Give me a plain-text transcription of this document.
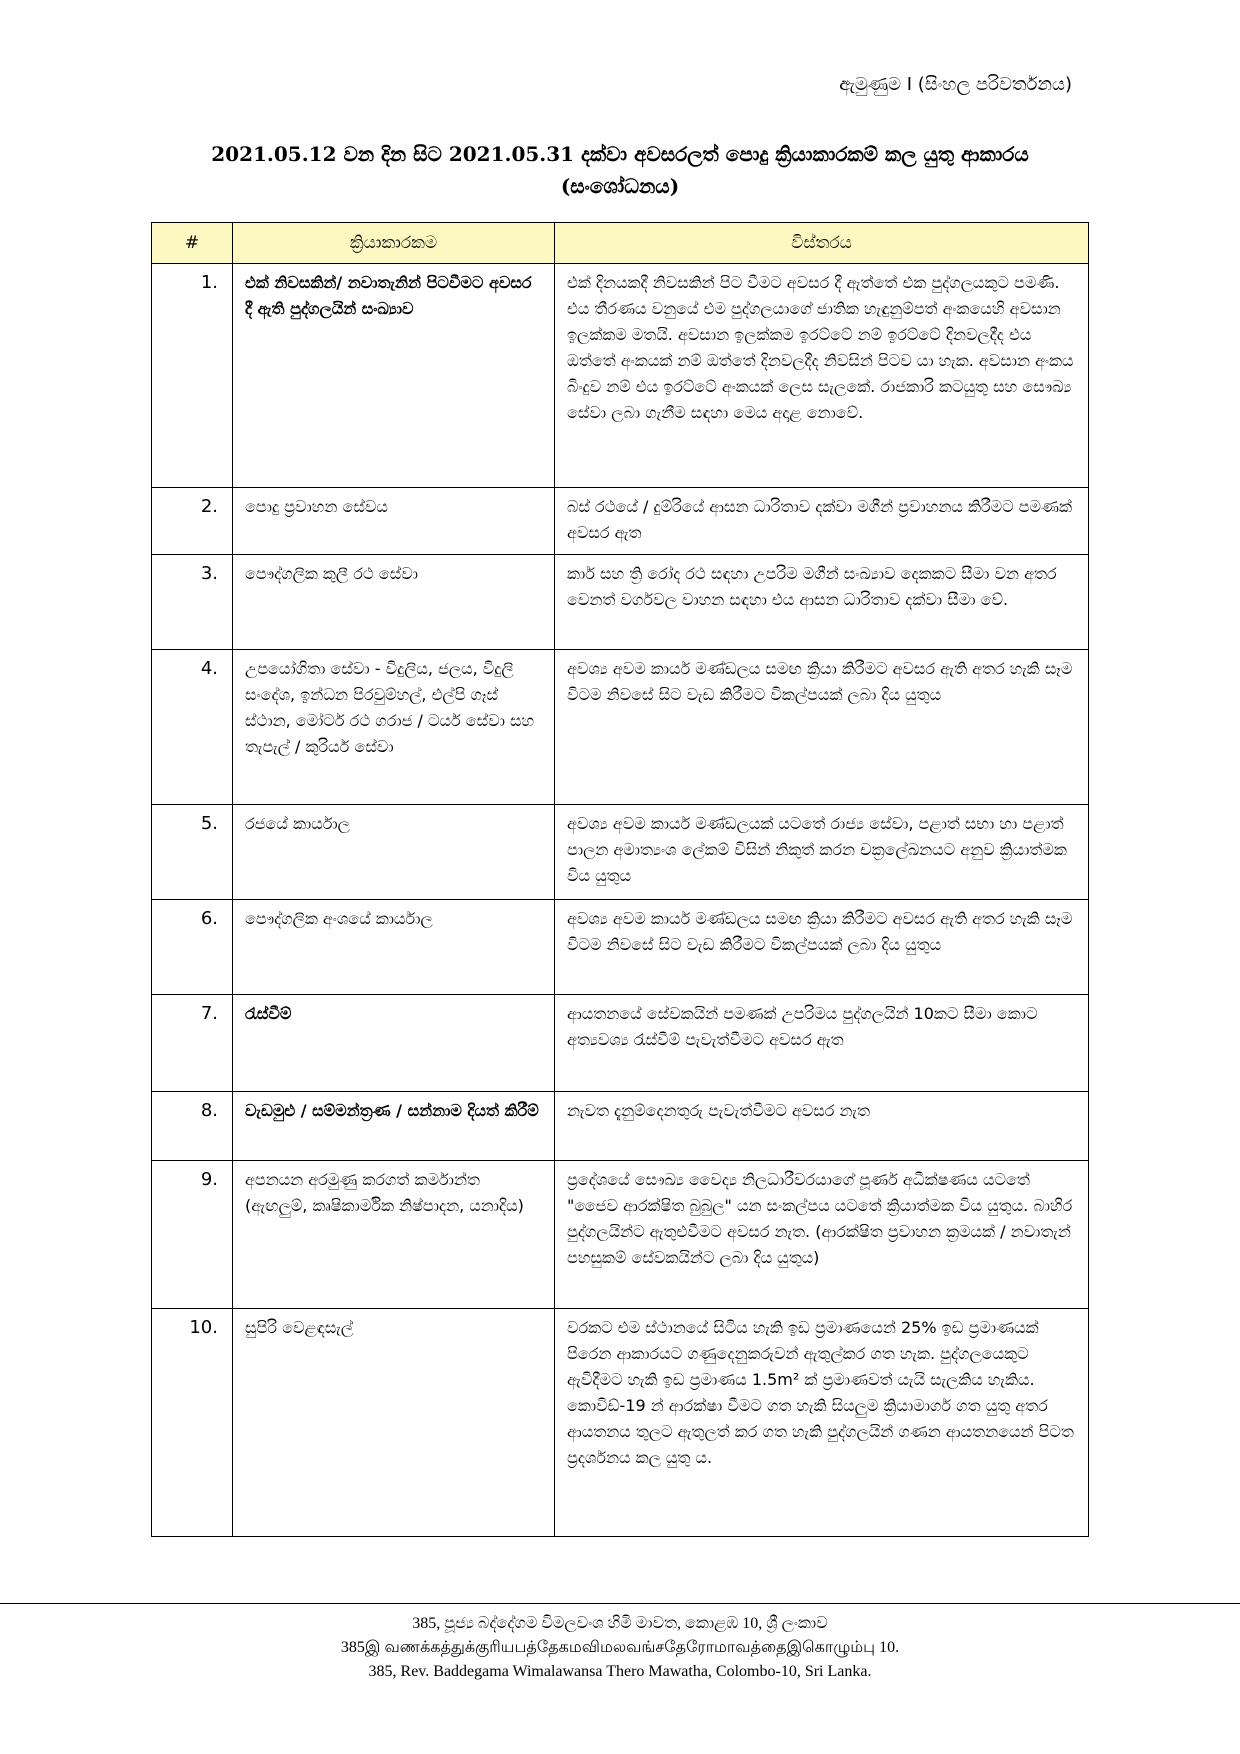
ඇමුණුම I (සිංහල පරිවර්තනය)
2021.05.12 වන දින සිට 2021.05.31 දක්වා අවසරලත් පොදු ක්‍රියාකාරකම් කල යුතු ආකාරය
(සංශෝධනය)
#	ක්‍රියාකාරකම	විස්තරය
1.	එක් නිවසකින්/ නවාතැනින් පිටවීමට අවසර දී ඇති පුද්ගලයින් සංඛ්‍යාව	එක් දිනයකදී නිවසකින් පිට වීමට අවසර දී ඇත්තේ එක පුද්ගලයකුට පමණි. එය තීරණය වනුයේ එම පුද්ගලයාගේ ජාතික හැඳුනුම්පත් අංකයෙහි අවසාන ඉලක්කම මතයි. අවසාන ඉලක්කම ඉරට්ටේ නම් ඉරට්ටේ දිනවලදීද එය ඔත්තේ අංකයක් නම් ඔත්තේ දිනවලදීද නිවසින් පිටව යා හැක. අවසාන අංකය බිංදුව නම් එය ඉරට්ටේ අංකයක් ලෙස සැලකේ. රාජකාරි කටයුතු සහ සෞඛ්‍ය සේවා ලබා ගැනීම සඳහා මෙය අදාළ නොවේ.
2.	පොදු ප්‍රවාහන සේවය	බස් රථයේ / දුම්රියේ ආසන ධාරිතාව දක්වා මගීන් ප්‍රවාහනය කිරීමට පමණක් අවසර ඇත
3.	පෞද්ගලික කුලී රථ සේවා	කාර් සහ ත්‍රි රෝද රථ සඳහා උපරිම මගීන් සංඛ්‍යාව දෙකකට සීමා වන අතර වෙනත් වර්ගවල වාහන සඳහා එය ආසන ධාරිතාව දක්වා සීමා වේ.
4.	උපයෝගිතා සේවා - විදුලිය, ජලය, විදුලි සංදේශ, ඉන්ධන පිරවුම්හල්, එල්පි ගෑස් ස්ථාන, මෝටර් රථ ගරාජ / ටයර් සේවා සහ තැපැල් / කුරියර් සේවා	අවශ්‍ය අවම කාර්ය මණ්ඩලය සමඟ ක්‍රියා කිරීමට අවසර ඇති අතර හැකි සෑම විටම නිවසේ සිට වැඩ කිරීමට විකල්පයක් ලබා දිය යුතුය
5.	රජයේ කාර්යාල	අවශ්‍ය අවම කාර්ය මණ්ඩලයක් යටතේ රාජ්‍ය සේවා, පළාත් සභා හා පළාත් පාලන අමාත්‍යංශ ලේකම් විසින් නිකුත් කරන චක්‍රලේඛනයට අනුව ක්‍රියාත්මක විය යුතුය
6.	පෞද්ගලික අංශයේ කාර්යාල	අවශ්‍ය අවම කාර්ය මණ්ඩලය සමඟ ක්‍රියා කිරීමට අවසර ඇති අතර හැකි සෑම විටම නිවසේ සිට වැඩ කිරීමට විකල්පයක් ලබා දිය යුතුය
7.	රැස්වීම්	ආයතනයේ සේවකයින් පමණක් උපරිමය පුද්ගලයින් 10කට සීමා කොට අත්‍යවශ්‍ය රැස්වීම් පැවැත්වීමට අවසර ඇත
8.	වැඩමුළු / සම්මන්ත්‍රණ / සන්නාම දියත් කිරීම්	නැවත දැනුම්දෙනතුරු පැවැත්වීමට අවසර නැත
9.	අපනයන අරමුණු කරගත් කර්මාන්ත (ඇඟලුම්, කෘෂිකාර්මික නිෂ්පාදන, යනාදිය)	ප්‍රදේශයේ සෞඛ්‍ය වෛද්‍ය නිලධාරීවරයාගේ පූර්ණ අධීක්ෂණය යටතේ "ජෛව ආරක්ෂිත බුබුල" යන සංකල්පය යටතේ ක්‍රියාත්මක විය යුතුය. බාහිර පුද්ගලයින්ට ඇතුළුවීමට අවසර නැත. (ආරක්ෂිත ප්‍රවාහන ක්‍රමයක් / නවාතැන් පහසුකම් සේවකයින්ට ලබා දිය යුතුය)
10.	සුපිරි වෙළඳසැල්	වරකට එම ස්ථානයේ සිටිය හැකි ඉඩ ප්‍රමාණයෙන් 25% ඉඩ ප්‍රමාණයක් පිරෙන ආකාරයට ගණුදෙනුකරුවන් ඇතුල්කර ගත හැක. පුද්ගලයෙකුට ඇවිදීමට හැකි ඉඩ ප්‍රමාණය 1.5m² ක් ප්‍රමාණවත් යැයි සැලකිය හැකිය. කොවිඩ්-19 න් ආරක්ෂා වීමට ගත හැකි සියලුම ක්‍රියාමාර්ග ගත යුතු අතර ආයතනය තුලට ඇතුලත් කර ගත හැකි පුද්ගලයින් ගණන ආයතනයෙන් පිටත ප්‍රදර්ශනය කල යුතු ය.
385, පූජ්‍ය බද්දේගම විමලවංශ හිමි මාවත, කොළඹ 10, ශ්‍රී ලංකාව
385இ வணக்கத்துக்குரியபத்தேகமவிமலவங்சதேரோமாவத்தைஇகொழும்பு 10.
385, Rev. Baddegama Wimalawansa Thero Mawatha, Colombo-10, Sri Lanka.
